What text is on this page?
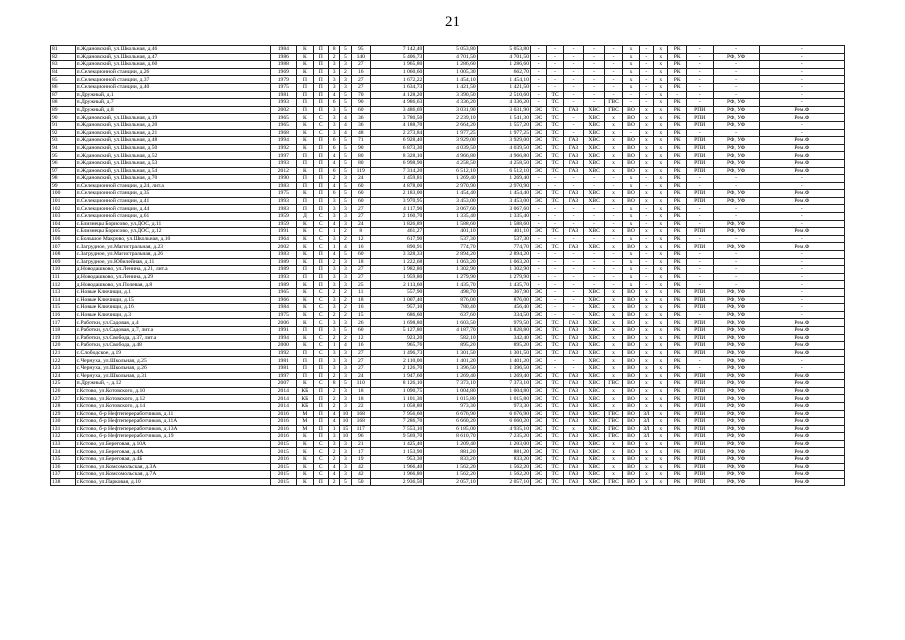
21
81	п.Ждановский, ул.Школьная, д.46	1984	К	П	8	5	95	7 142,40	5 053,80	5 053,80	-	-	-	-	-	х	-	х	РК	-	-	-
82	п.Ждановский, ул.Школьная, д.47	1986	К	П	2	5	140	5 406,73	4 701,50	4 701,50	-	-	-	-	-	х	-	х	РК	-	РФ, УФ	-
83	п.Ждановский, ул.Школьная, д.60	1988	К	П	3	3	27	1 965,80	1 286,60	1 286,60	-	-	-	-	-	х	-	х	РК	-	-	-
84	п.Селекционной станции, д.26	1969	К	П	3	2	16	1 060,60	1 005,30	662,70	-	-	-	-	-	х	-	х	РК	-	-	-
85	п.Селекционной станции, д.37	1979	П	П	3	3	27	1 672,22	1 454,10	1 454,10	-	-	-	-	-	х	-	х	РК	-	-	-
86	п.Селекционной станции, д.40	1975	П	П	3	3	27	1 634,73	1 421,50	1 421,50	-	-	-	-	-	х	-	х	РК	-	-	-
87	п.Дружный, д.1	1981	П	П	4	5	70	4 128,20	3 390,50	2 510,60	-	ТС	-	-	-	-	-	х	-	-	-	-
88	п.Дружный, д.7	1993	П	П	6	5	90	4 986,63	4 336,20	4 336,20	-	ТС	-	-	ГВС	-	-	х	РК	-	РФ, УФ	-
89	п.Дружный, д.8	2002	П	П	3	5	60	3 486,69	3 031,90	3 031,90	ЭС	ТС	ГАЗ	ХВС	ГВС	ВО	х	х	РК	РПИ	РФ, УФ	Рем.Ф
90	п.Ждановский, ул.Школьная, д.19	1965	К	С	3	4	36	3 780,50	2 239,10	1 541,30	ЭС	ТС	-	ХВС	х	ВО	х	х	РК	РПИ	РФ, УФ	Рем.Ф
91	п.Ждановский, ул.Школьная, д.20	1965	К	С	3	4	36	4 188,70	2 664,20	1 557,20	ЭС	ТС	-	ХВС	х	ВО	х	х	РК	РПИ	РФ, УФ	-
92	п.Ждановский, ул.Школьная, д.21	1968	К	С	3	4	48	2 273,84	1 977,25	1 977,25	ЭС	ТС	-	ХВС	х	-	х	х	РК	-	-	-
93	п.Ждановский, ул.Школьная, д.48	1994	К	П	6	5	71	6 928,40	3 929,00	3 929,00	ЭС	ТС	ГАЗ	ХВС	х	ВО	х	х	РК	РПИ	РФ, УФ	Рем.Ф
94	п.Ждановский, ул.Школьная, д.50	1992	К	П	6	5	90	6 873,30	4 039,50	4 039,50	ЭС	ТС	ГАЗ	ХВС	х	ВО	х	х	РК	РПИ	РФ, УФ	Рем.Ф
95	п.Ждановский, ул.Школьная, д.52	1997	П	П	4	5	80	8 328,10	4 966,80	4 966,80	ЭС	ТС	ГАЗ	ХВС	х	ВО	х	х	РК	РПИ	РФ, УФ	Рем.Ф
96	п.Ждановский, ул.Школьная, д.53	1993	П	П	4	5	80	6 998,90	4 258,50	4 258,50	ЭС	ТС	ГАЗ	ХВС	х	ВО	х	х	РК	РПИ	РФ, УФ	Рем.Ф
97	п.Ждановский, ул.Школьная, д.54	2012	К	П	6	5	119	7 314,20	6 512,10	6 512,10	ЭС	ТС	ГАЗ	ХВС	х	ВО	х	х	РК	РПИ	РФ, УФ	Рем.Ф
98	п.Ждановский, ул.Школьная, д.70	1990	П	П	2	3	24	1 459,81	1 269,40	1 269,40	-	-	-	-	-	х	-	х	РК	-	-	-
99	п.Селекционной станции, д.24, лит.а	1983	П	П	4	5	60	4 878,00	2 970,90	2 970,90	-	-	-	-	-	х	-	х	РК	-	-	-
100	п.Селекционной станции, д.35	1975	К	П	6	5	60	2 183,00	1 454,40	1 454,40	ЭС	ТС	ГАЗ	ХВС	х	ВО	х	х	РК	РПИ	РФ, УФ	Рем.Ф
101	п.Селекционной станции, д.41	1993	П	П	3	5	60	3 970,95	3 453,00	3 453,00	ЭС	ТС	ГАЗ	ХВС	х	ВО	х	х	РК	РПИ	РФ, УФ	Рем.Ф
102	п.Селекционной станции, д.44	1983	П	П	3	3	27	4 117,90	3 067,60	3 067,60	-	-	-	-	-	х	-	х	РК	-	-	-
103	п.Селекционной станции, д.61	1959	Д	С	3	3	27	2 160,70	1 335,40	1 335,40	-	-	-	-	-	х	-	х	РК	-	-	-
104	с.Близнецы Борисово, ул.ДОС, д.11	1959	К	С	4	3	24	1 826,89	1 588,60	1 588,60	-	-	-	-	-	х	-	х	РК	-	РФ, УФ	-
105	с.Близнецы Борисово, ул.ДОС, д.12	1991	К	С	1	2	8	461,27	401,10	401,10	ЭС	ТС	ГАЗ	ХВС	х	ВО	х	х	РК	РПИ	РФ, УФ	Рем.Ф
106	с.Большое Макрово, ул.Школьная, д.10	1964	К	С	3	2	12	617,90	537,30	537,30	-	-	-	-	-	х	-	х	РК	-	-	-
107	с.Загрудное, ул.Магистральная, д.23	2002	К	С	1	4	16	890,91	774,70	774,70	ЭС	ТС	ГАЗ	ХВС	х	ВО	х	х	РК	РПИ	РФ, УФ	Рем.Ф
108	с.Загрудное, ул.Магистральная, д.26	1983	К	П	4	5	60	3 328,33	2 894,20	2 894,20	-	-	-	-	-	х	-	х	РК	-	-	-
109	с.Загрудное, ул.Юбилейная, д.11	1989	К	П	2	3	18	1 222,68	1 063,20	1 063,20	-	-	-	-	-	х	-	х	РК	-	-	-
110	д.Новодашково, ул.Ленина, д.21, лит.а	1989	П	П	3	3	27	1 982,80	1 302,90	1 302,90	-	-	-	-	-	х	-	х	РК	-	-	-
111	д.Новодашково, ул.Ленина, д.29	1993	П	П	3	3	27	1 959,80	1 279,90	1 279,90	-	-	-	-	-	х	-	х	РК	-	-	-
112	д.Новодашково, ул.Полевая, д.8	1989	К	П	3	3	25	2 113,60	1 435,70	1 435,70	-	-	-	-	-	х	-	х	РК	-	-	-
113	с.Новые Ключищи, д.1	1965	К	С	2	2	11	557,90	498,70	367,90	ЭС	-	-	ХВС	х	ВО	х	х	РК	РПИ	РФ, УФ	-
114	с.Новые Ключищи, д.15	1966	К	С	3	2	18	1 007,40	876,00	876,00	ЭС	-	-	ХВС	х	ВО	х	х	РК	РПИ	РФ, УФ	-
115	с.Новые Ключищи, д.16	1984	К	С	3	2	16	957,10	780,40	456,40	ЭС	-	-	ХВС	х	ВО	х	х	РК	РПИ	РФ, УФ	-
116	с.Новые Ключищи, д.3	1975	К	С	2	2	15	686,60	637,60	334,50	ЭС	-	-	ХВС	х	ВО	х	х	РК	-	РФ, УФ	-
117	с.Работки, ул.Садовая, д.4	2006	К	С	3	3	26	1 698,80	1 603,50	979,50	ЭС	ТС	ГАЗ	ХВС	х	ВО	х	х	РК	РПИ	РФ, УФ	Рем.Ф
118	с.Работки, ул.Садовая, д.7, лит.а	1991	П	П	3	5	60	5 127,80	4 187,70	1 828,80	ЭС	ТС	ГАЗ	ХВС	х	ВО	х	х	РК	РПИ	РФ, УФ	Рем.Ф
119	с.Работки, ул.Свобода, д.37, лит.а	1994	К	С	2	2	12	923,20	582,10	342,40	ЭС	ТС	ГАЗ	ХВС	х	ВО	х	х	РК	РПИ	РФ, УФ	Рем.Ф
120	с.Работки, ул.Свобода, д.48	2000	К	С	1	4	16	965,76	895,20	895,20	ЭС	ТС	ГАЗ	ХВС	х	ВО	х	х	РК	РПИ	РФ, УФ	Рем.Ф
121	с.Слободское, д.19	1992	П	С	3	3	27	1 496,73	1 301,50	1 301,50	ЭС	ТС	ГАЗ	ХВС	х	ВО	х	х	РК	РПИ	РФ, УФ	Рем.Ф
122	с.Чернуха, ул.Школьная, д.25	1981	П	П	3	3	27	2 110,00	1 401,20	1 401,20	ЭС	-	-	ХВС	х	ВО	х	х	РК	-	РФ, УФ	-
123	с.Чернуха, ул.Школьная, д.26	1981	П	П	3	3	27	2 126,70	1 396,50	1 396,50	ЭС	-	-	ХВС	х	ВО	х	х	РК	-	РФ, УФ	-
124	с.Чернуха, ул.Школьная, д.31	1997	П	П	2	3	24	1 947,60	1 269,40	1 269,40	ЭС	ТС	ГАЗ	ХВС	х	ВО	х	х	РК	РПИ	РФ, УФ	Рем.Ф
125	п.Дружный, -, д.12	2007	К	С	8	5	110	8 126,10	7 373,10	7 373,10	ЭС	ТС	ГАЗ	ХВС	ГВС	ВО	х	х	РК	РПИ	РФ, УФ	Рем.Ф
126	г.Кстово, ул.Котовского, д.10	2014	КБ	П	2	3	18	1 090,75	1 004,80	1 004,80	ЭС	ТС	ГАЗ	ХВС	х	ВО	х	х	РК	РПИ	РФ, УФ	Рем.Ф
127	г.Кстово, ул.Котовского, д.12	2014	КБ	П	2	3	18	1 101,30	1 015,80	1 015,80	ЭС	ТС	ГАЗ	ХВС	х	ВО	х	х	РК	РПИ	РФ, УФ	Рем.Ф
128	г.Кстово, ул.Котовского, д.14	2014	КБ	П	2	3	22	1 058,80	973,30	973,30	ЭС	ТС	ГАЗ	ХВС	х	ВО	х	х	РК	РПИ	РФ, УФ	Рем.Ф
129	г.Кстово, б-р Нефтепереработчиков, д.11	2016	М	П	4	10	168	7 956,60	6 676,90	6 676,90	ЭС	ТС	ГАЗ	ХВС	ГВС	ВО	ЗЛ	х	РК	РПИ	РФ, УФ	Рем.Ф
130	г.Кстово, б-р Нефтепереработчиков, д.11А	2016	М	П	4	10	168	7 286,70	6 660,20	6 660,20	ЭС	ТС	ГАЗ	ХВС	ГВС	ВО	ЗЛ	х	РК	РПИ	РФ, УФ	Рем.Ф
131	г.Кстово, б-р Нефтепереработчиков, д.13А	2016	М	П	1	15	117	7 553,10	6 185,00	4 935,10	ЭС	ТС	х	ХВС	ГВС	ВО	ЗЛ	х	РК	РПИ	РФ, УФ	Рем.Ф
132	г.Кстово, б-р Нефтепереработчиков, д.19	2016	К	П	3	10	96	9 569,70	8 610,70	7 235,20	ЭС	ТС	ГАЗ	ХВС	ГВС	ВО	ЗЛ	х	РК	РПИ	РФ, УФ	Рем.Ф
133	г.Кстово, ул.Береговая, д.10А	2015	К	С	3	3	21	1 425,40	1 209,40	1 203,00	ЭС	ТС	ГАЗ	ХВС	х	ВО	х	х	РК	РПИ	РФ, УФ	Рем.Ф
134	г.Кстово, ул.Береговая, д.4А	2015	К	С	2	3	17	1 153,90	881,20	881,20	ЭС	ТС	ГАЗ	ХВС	х	ВО	х	х	РК	РПИ	РФ, УФ	Рем.Ф
135	г.Кстово, ул.Береговая, д.4Б	2016	К	С	2	3	19	953,30	833,20	833,20	ЭС	ТС	ГАЗ	ХВС	х	ВО	х	х	РК	РПИ	РФ, УФ	Рем.Ф
136	г.Кстово, ул.Комсомольская, д.3А	2015	К	С	4	3	42	1 966,40	1 562,20	1 562,20	ЭС	ТС	ГАЗ	ХВС	х	ВО	х	х	РК	РПИ	РФ, УФ	Рем.Ф
137	г.Кстово, ул.Комсомольская, д.7А	2015	К	С	4	3	42	1 966,80	1 562,20	1 562,20	ЭС	ТС	ГАЗ	ХВС	х	ВО	х	х	РК	РПИ	РФ, УФ	Рем.Ф
138	г.Кстово, ул.Парковая, д.10	2015	К	П	2	5	50	2 936,50	2 057,10	2 057,10	ЭС	ТС	ГАЗ	ХВС	ГВС	ВО	х	х	РК	РПИ	РФ, УФ	Рем.Ф
